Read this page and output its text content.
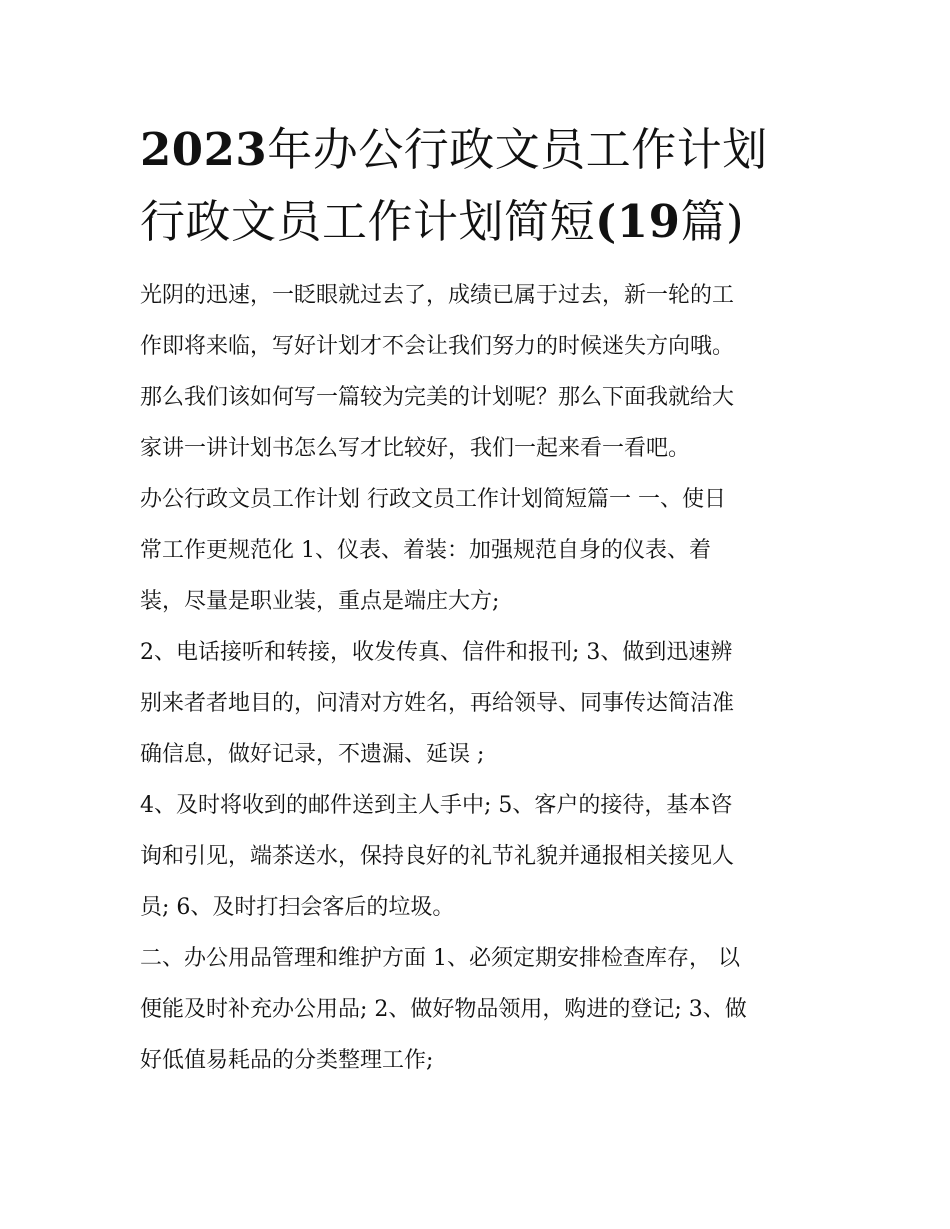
2023年办公行政文员工作计划
行政文员工作计划简短(19篇)

光阴的迅速，一眨眼就过去了，成绩已属于过去，新一轮的工
作即将来临，写好计划才不会让我们努力的时候迷失方向哦。
那么我们该如何写一篇较为完美的计划呢？那么下面我就给大
家讲一讲计划书怎么写才比较好，我们一起来看一看吧。

办公行政文员工作计划 行政文员工作计划简短篇一 一、使日
常工作更规范化 1、仪表、着装：加强规范自身的仪表、着
装，尽量是职业装，重点是端庄大方;

2、电话接听和转接，收发传真、信件和报刊; 3、做到迅速辨
别来者者地目的，问清对方姓名，再给领导、同事传达简洁准
确信息，做好记录，不遗漏、延误 ;

4、及时将收到的邮件送到主人手中; 5、客户的接待，基本咨
询和引见，端茶送水，保持良好的礼节礼貌并通报相关接见人
员; 6、及时打扫会客后的垃圾。

二、办公用品管理和维护方面 1、必须定期安排检查库存， 以
便能及时补充办公用品; 2、做好物品领用，购进的登记; 3、做
好低值易耗品的分类整理工作;
